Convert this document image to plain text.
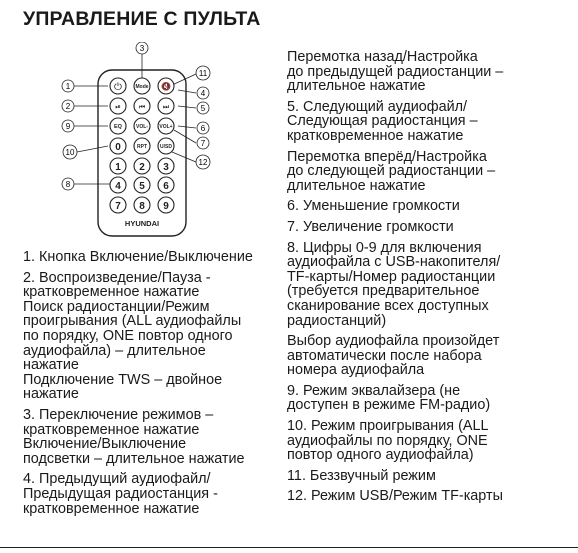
УПРАВЛЕНИЕ С ПУЛЬТА
3
1
2
9
10
8
11
4
5
6
7
12
⏻	Mode 🔇
⏯	⏮	⏭
EQ	VOL- VOL+
0	RPT	U/SD
1 2 3
4 5 6
7 8 9
HYUNDAI

1. Кнопка Включение/Выключение

2. Воспроизведение/Пауза -
кратковременное нажатие
Поиск радиостанции/Режим
проигрывания (ALL аудиофайлы
по порядку, ONE повтор одного
аудиофайла) – длительное
нажатие
Подключение TWS – двойное
нажатие

3. Переключение режимов –
кратковременное нажатие
Включение/Выключение
подсветки – длительное нажатие

4. Предыдущий аудиофайл/
Предыдущая радиостанция -
кратковременное нажатие

Перемотка назад/Настройка
до предыдущей радиостанции –
длительное нажатие

5. Следующий аудиофайл/
Следующая радиостанция –
кратковременное нажатие

Перемотка вперёд/Настройка
до следующей радиостанции –
длительное нажатие

6. Уменьшение громкости

7. Увеличение громкости

8. Цифры 0-9 для включения
аудиофайла с USB-накопителя/
TF-карты/Номер радиостанции
(требуется предварительное
сканирование всех доступных
радиостанций)

Выбор аудиофайла произойдет
автоматически после набора
номера аудиофайла

9. Режим эквалайзера (не
доступен в режиме FM-радио)

10. Режим проигрывания (ALL
аудиофайлы по порядку, ONE
повтор одного аудиофайла)

11. Беззвучный режим

12. Режим USB/Режим TF-карты
